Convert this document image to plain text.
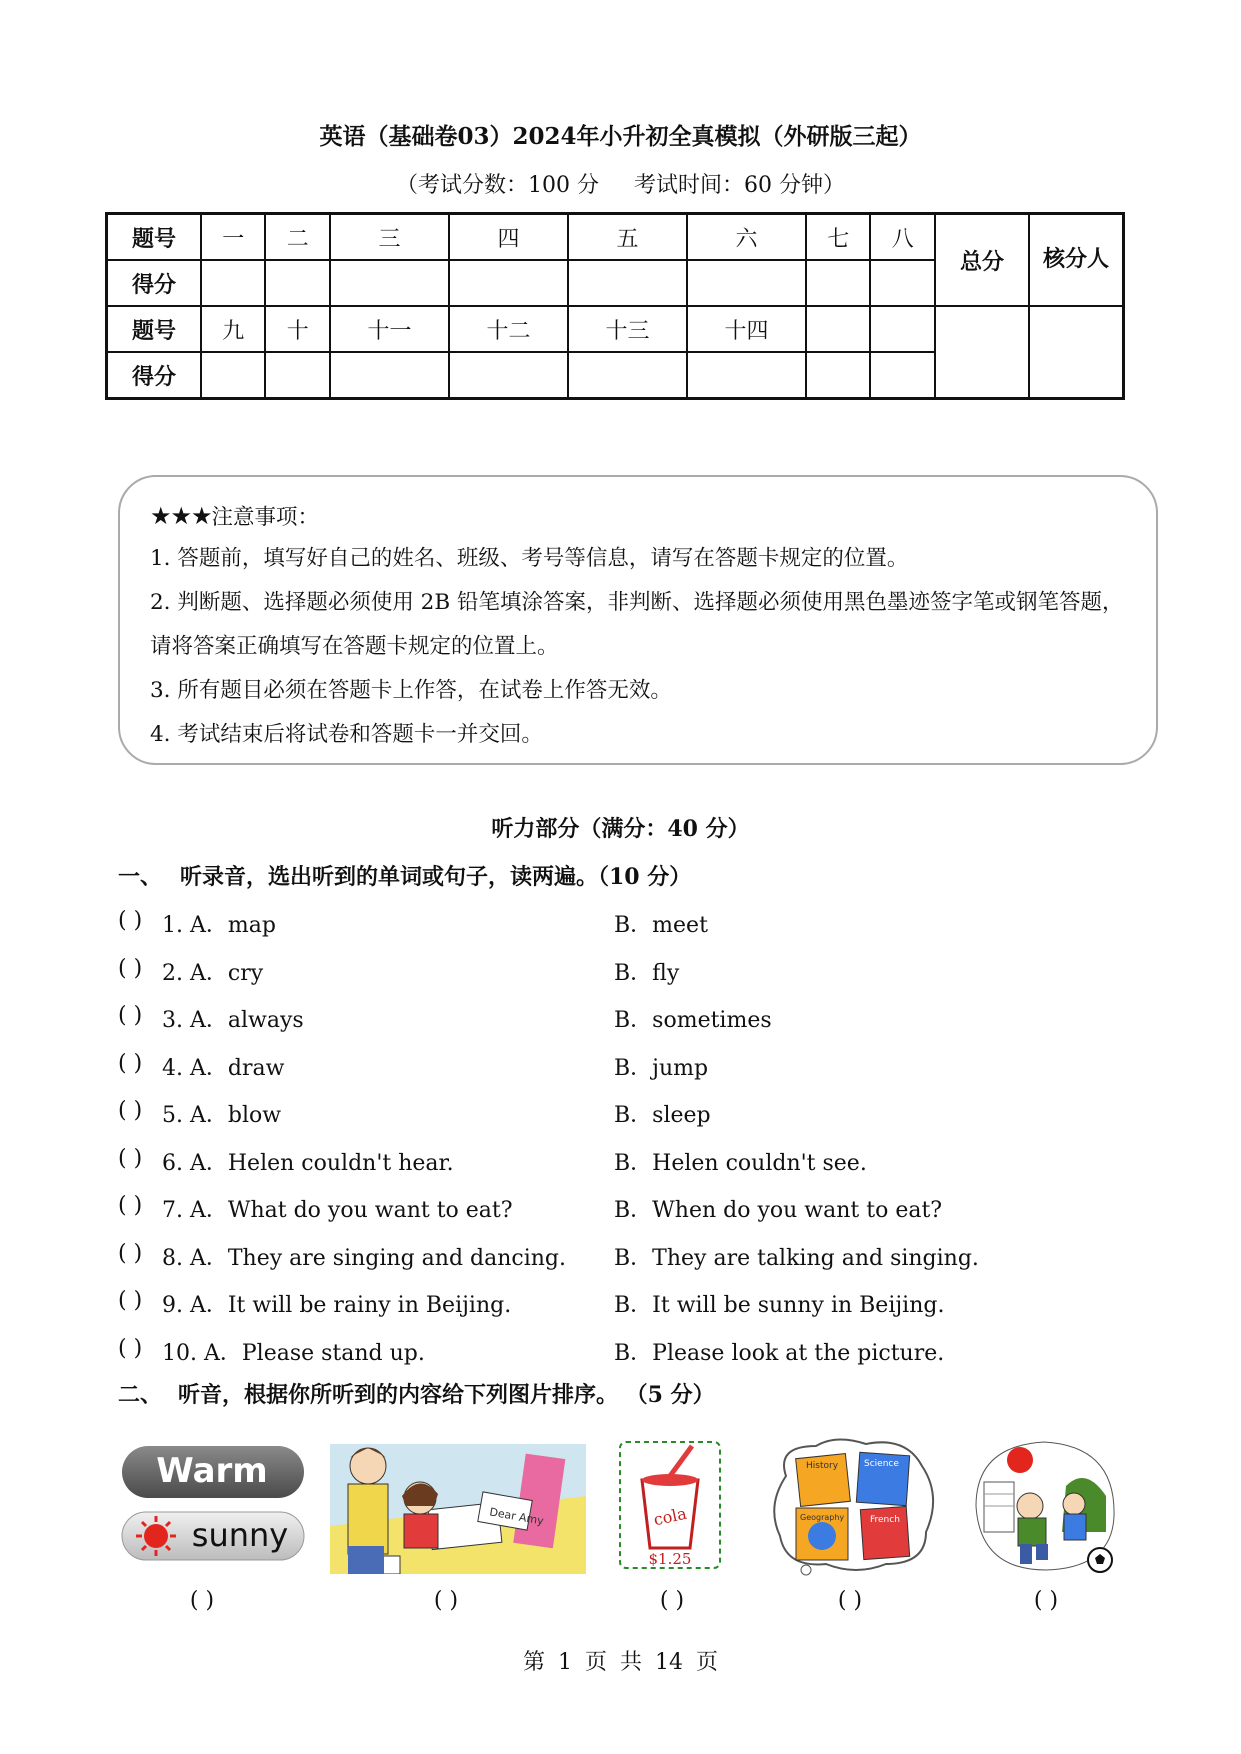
英语（基础卷03）2024年小升初全真模拟（外研版三起）
（考试分数：100 分 考试时间：60 分钟）
题号	一	二	三	四	五	六	七	八	总分	核分人
得分										
题号	九	十	十一	十二	十三	十四				
得分										
★★★注意事项：

1. 答题前，填写好自己的姓名、班级、考号等信息，请写在答题卡规定的位置。

2. 判断题、选择题必须使用 2B 铅笔填涂答案，非判断、选择题必须使用黑色墨迹签字笔或钢笔答题，请将答案正确填写在答题卡规定的位置上。

3. 所有题目必须在答题卡上作答，在试卷上作答无效。

4. 考试结束后将试卷和答题卡一并交回。

听力部分（满分：40 分）
一、 听录音，选出听到的单词或句子，读两遍。（10 分）
( ) 1. A．map	B．meet
( ) 2. A．cry	B．fly
( ) 3. A．always	B．sometimes
( ) 4. A．draw	B．jump
( ) 5. A．blow	B．sleep
( ) 6. A．Helen couldn't hear.	B．Helen couldn't see.
( ) 7. A．What do you want to eat?	B．When do you want to eat?
( ) 8. A．They are singing and dancing. B．They are talking and singing.
( ) 9. A．It will be rainy in Beijing.	B．It will be sunny in Beijing.
( ) 10. A．Please stand up.	B．Please look at the picture.
二、 听音，根据你所听到的内容给下列图片排序。 （5 分）
Warm
sunny	Dear Amy	cola
$1.25
History	Science
Geography	French
( )	( )	( )	( )	( )
第 1 页 共 14 页
